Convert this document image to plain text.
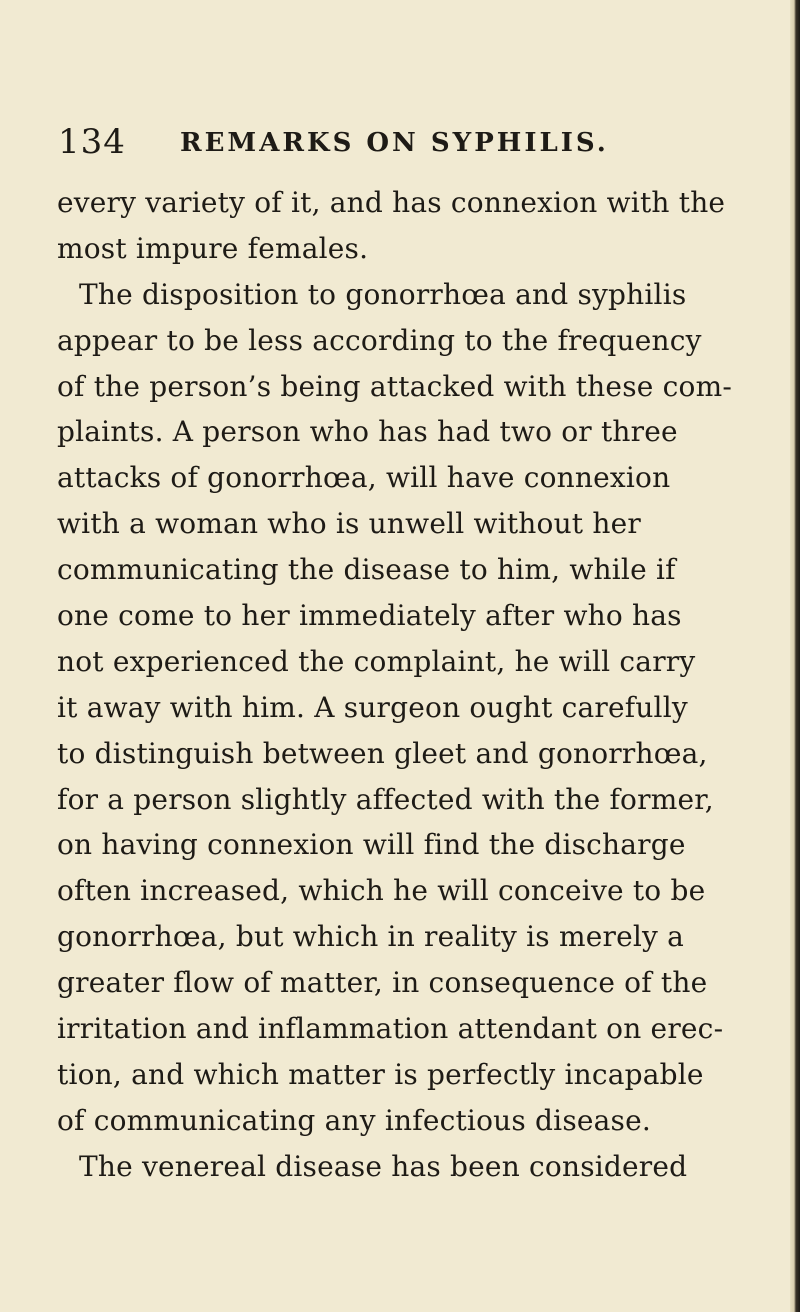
134 REMARKS ON SYPHILIS.
every variety of it, and has connexion with the
most impure females.
The disposition to gonorrhœa and syphilis
appear to be less according to the frequency
of the person’s being attacked with these com-
plaints. A person who has had two or three
attacks of gonorrhœa, will have connexion
with a woman who is unwell without her
communicating the disease to him, while if
one come to her immediately after who has
not experienced the complaint, he will carry
it away with him. A surgeon ought carefully
to distinguish between gleet and gonorrhœa,
for a person slightly affected with the former,
on having connexion will find the discharge
often increased, which he will conceive to be
gonorrhœa, but which in reality is merely a
greater flow of matter, in consequence of the
irritation and inflammation attendant on erec-
tion, and which matter is perfectly incapable
of communicating any infectious disease.
The venereal disease has been considered
